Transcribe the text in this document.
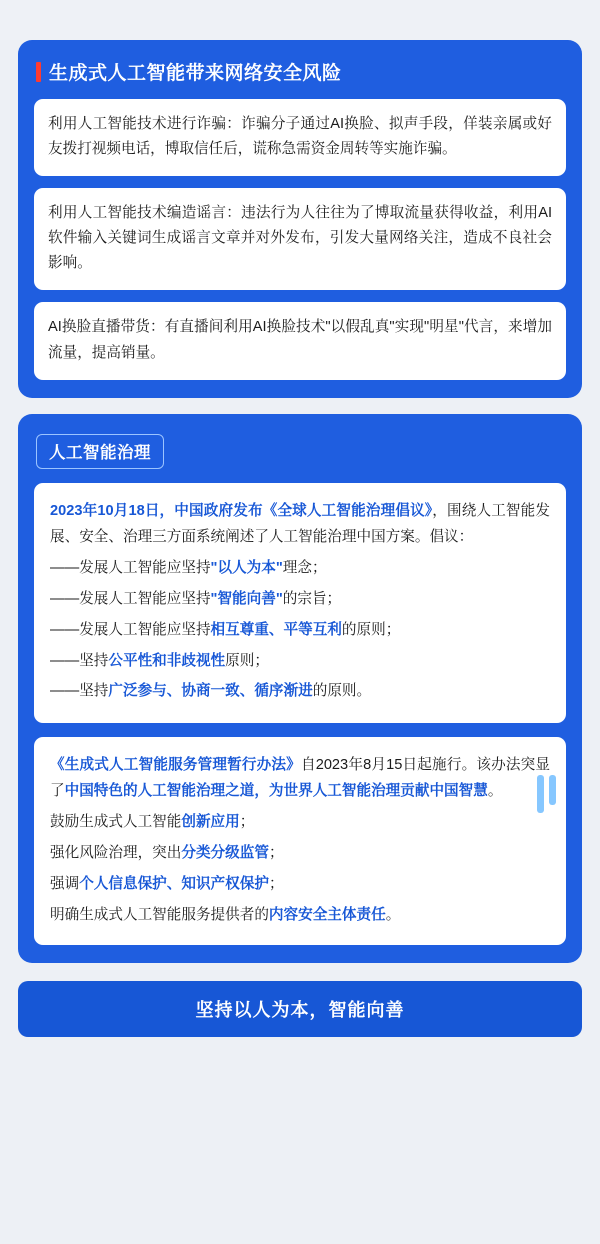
生成式人工智能带来网络安全风险
利用人工智能技术进行诈骗：诈骗分子通过AI换脸、拟声手段，佯装亲属或好友拨打视频电话，博取信任后，谎称急需资金周转等实施诈骗。
利用人工智能技术编造谣言：违法行为人往往为了博取流量获得收益，利用AI软件输入关键词生成谣言文章并对外发布，引发大量网络关注，造成不良社会影响。
AI换脸直播带货：有直播间利用AI换脸技术"以假乱真"实现"明星"代言，来增加流量，提高销量。
人工智能治理

2023年10月18日，中国政府发布《全球人工智能治理倡议》，围绕人工智能发展、安全、治理三方面系统阐述了人工智能治理中国方案。倡议：

——发展人工智能应坚持"以人为本"理念；

——发展人工智能应坚持"智能向善"的宗旨；

——发展人工智能应坚持相互尊重、平等互利的原则；

——坚持公平性和非歧视性原则；

——坚持广泛参与、协商一致、循序渐进的原则。

《生成式人工智能服务管理暂行办法》自2023年8月15日起施行。该办法突显了中国特色的人工智能治理之道，为世界人工智能治理贡献中国智慧。

鼓励生成式人工智能创新应用；

强化风险治理，突出分类分级监管；

强调个人信息保护、知识产权保护；

明确生成式人工智能服务提供者的内容安全主体责任。

坚持以人为本，智能向善
